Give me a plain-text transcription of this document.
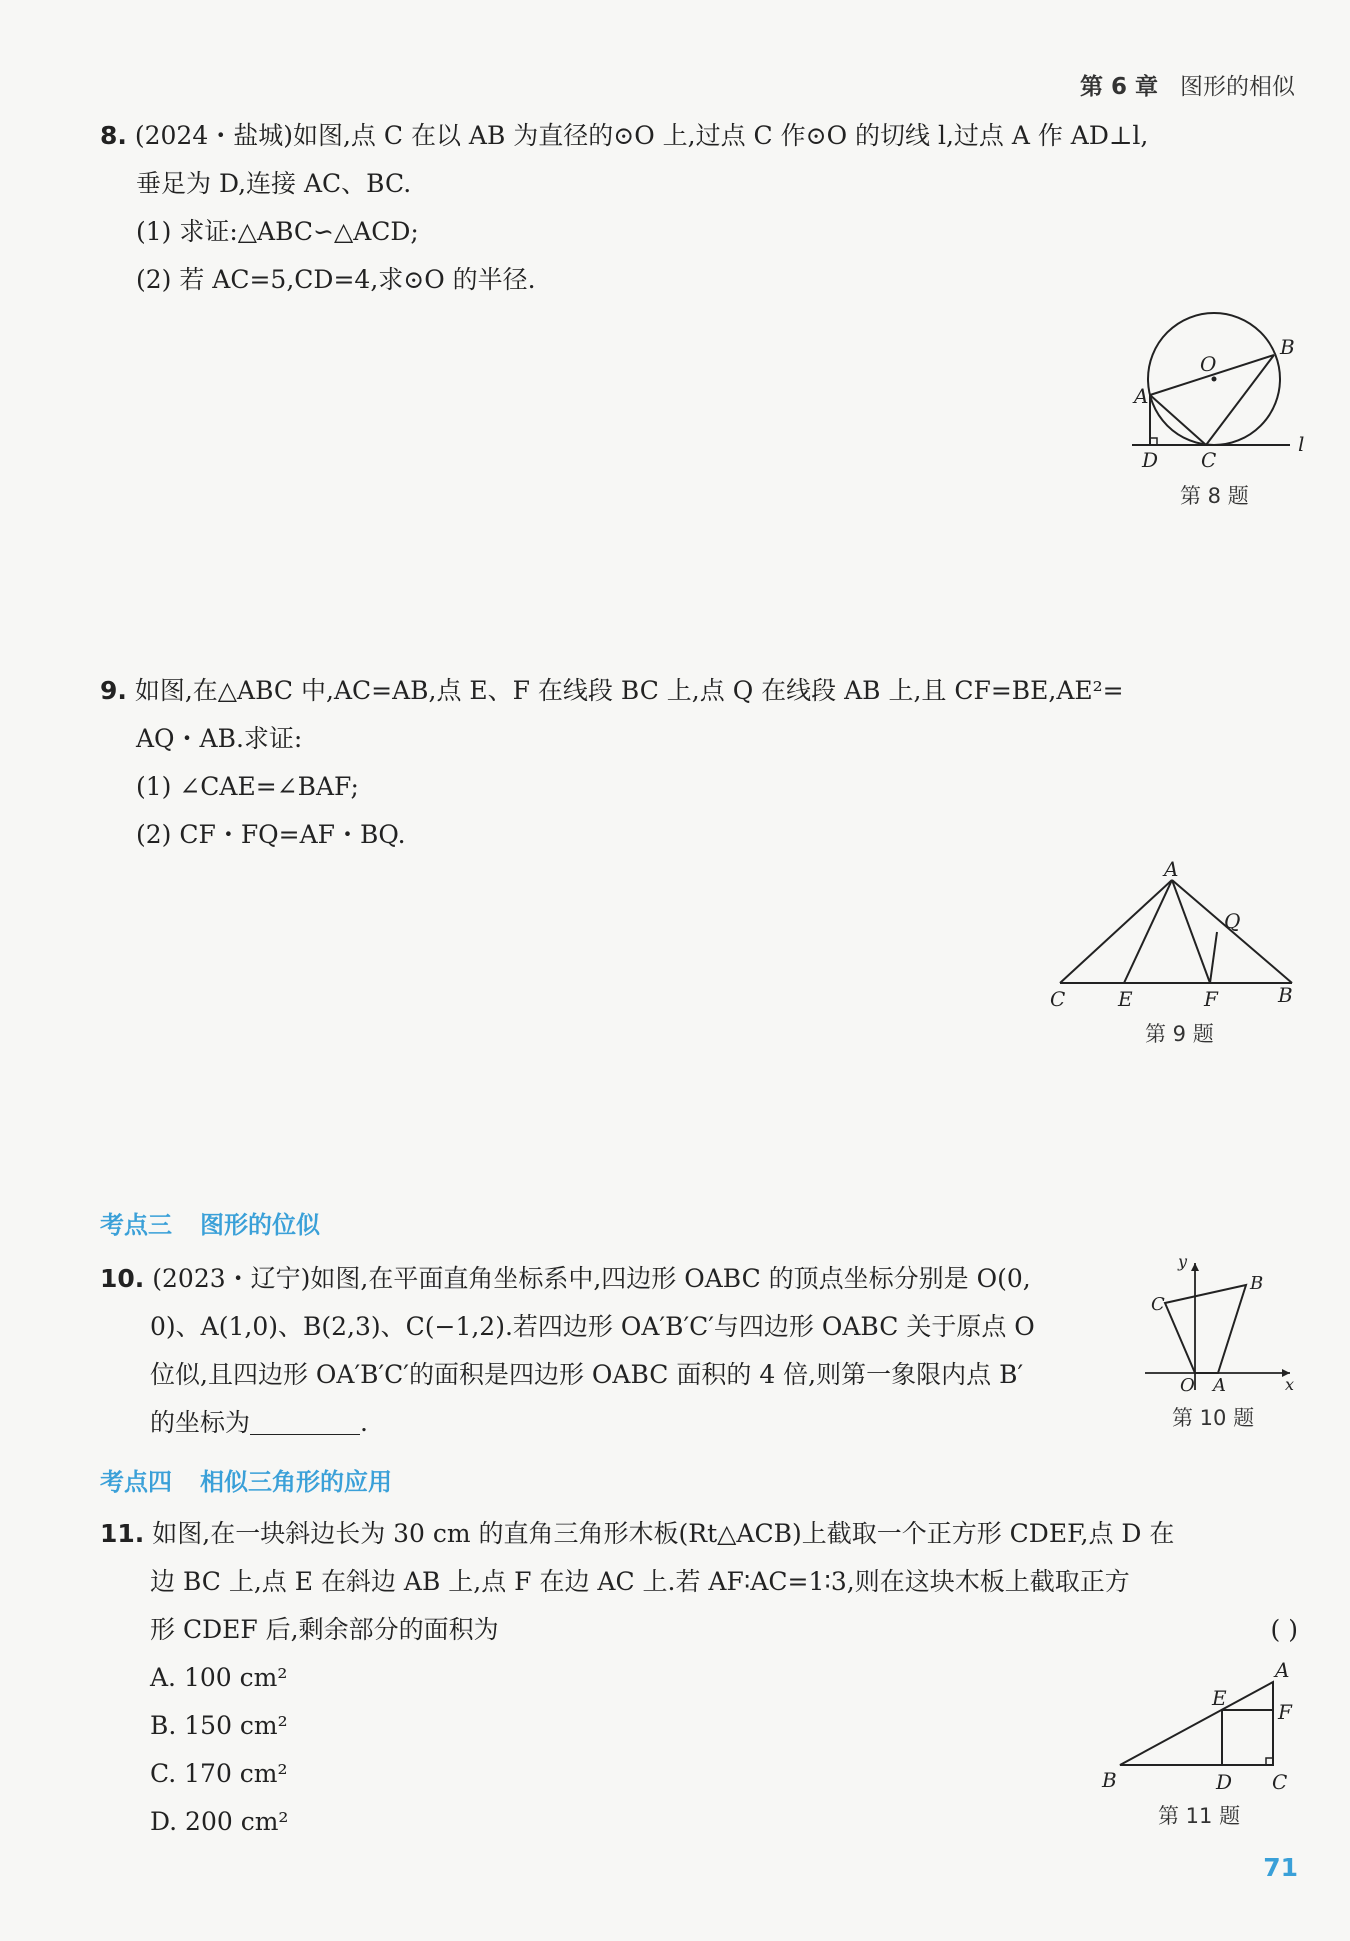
第 6 章 图形的相似
8. (2024・盐城)如图,点 C 在以 AB 为直径的⊙O 上,过点 C 作⊙O 的切线 l,过点 A 作 AD⊥l,
垂足为 D,连接 AC、BC.
(1) 求证:△ABC∽△ACD;
(2) 若 AC=5,CD=4,求⊙O 的半径.
A
B
C
D
O
l
第 8 题
9. 如图,在△ABC 中,AC=AB,点 E、F 在线段 BC 上,点 Q 在线段 AB 上,且 CF=BE,AE²=
AQ・AB.求证:
(1) ∠CAE=∠BAF;
(2) CF・FQ=AF・BQ.
A
B
C	E	F
Q
第 9 题
考点三 图形的位似
10. (2023・辽宁)如图,在平面直角坐标系中,四边形 OABC 的顶点坐标分别是 O(0,
0)、A(1,0)、B(2,3)、C(−1,2).若四边形 OA′B′C′与四边形 OABC 关于原点 O
位似,且四边形 OA′B′C′的面积是四边形 OABC 面积的 4 倍,则第一象限内点 B′
的坐标为	.
O A
B
C
x
y
第 10 题
考点四 相似三角形的应用
11. 如图,在一块斜边长为 30 cm 的直角三角形木板(Rt△ACB)上截取一个正方形 CDEF,点 D 在
边 BC 上,点 E 在斜边 AB 上,点 F 在边 AC 上.若 AF∶AC=1∶3,则在这块木板上截取正方
形 CDEF 后,剩余部分的面积为	( )
A. 100 cm²
B. 150 cm²
C. 170 cm²
D. 200 cm²
A
B	C
D
E
F
第 11 题
71
